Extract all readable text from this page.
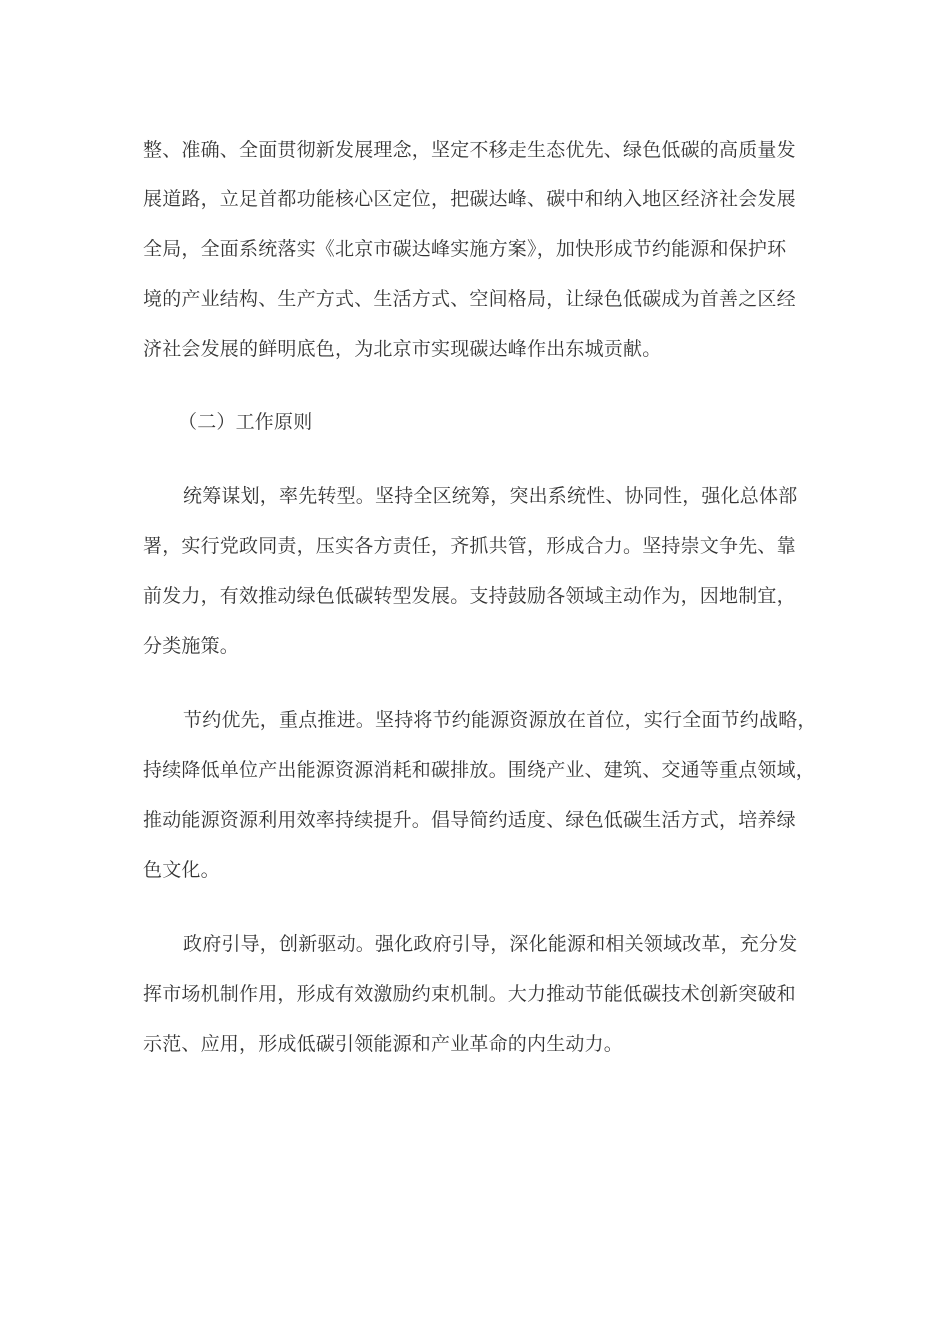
整、准确、全面贯彻新发展理念，坚定不移走生态优先、绿色低碳的高质量发
展道路，立足首都功能核心区定位，把碳达峰、碳中和纳入地区经济社会发展
全局，全面系统落实《北京市碳达峰实施方案》，加快形成节约能源和保护环
境的产业结构、生产方式、生活方式、空间格局，让绿色低碳成为首善之区经
济社会发展的鲜明底色，为北京市实现碳达峰作出东城贡献。
（二）工作原则
统筹谋划，率先转型。坚持全区统筹，突出系统性、协同性，强化总体部
署，实行党政同责，压实各方责任，齐抓共管，形成合力。坚持崇文争先、靠
前发力，有效推动绿色低碳转型发展。支持鼓励各领域主动作为，因地制宜，
分类施策。
节约优先，重点推进。坚持将节约能源资源放在首位，实行全面节约战略，
持续降低单位产出能源资源消耗和碳排放。围绕产业、建筑、交通等重点领域，
推动能源资源利用效率持续提升。倡导简约适度、绿色低碳生活方式，培养绿
色文化。
政府引导，创新驱动。强化政府引导，深化能源和相关领域改革，充分发
挥市场机制作用，形成有效激励约束机制。大力推动节能低碳技术创新突破和
示范、应用，形成低碳引领能源和产业革命的内生动力。
